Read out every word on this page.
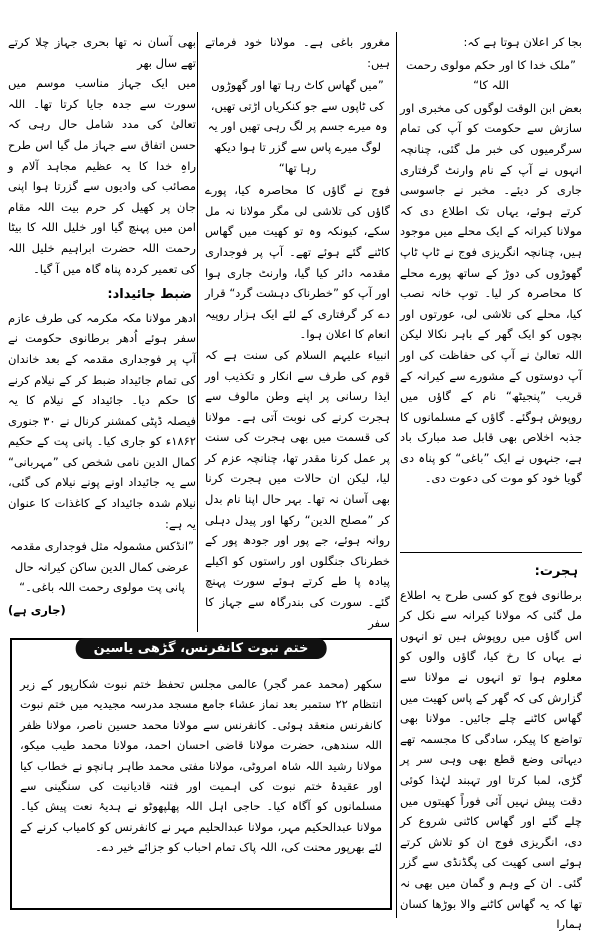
بجا کر اعلان ہوتا ہے کہ:

”ملک خدا کا اور حکم مولوی رحمت اللہ کا“

بعض ابن الوقت لوگوں کی مخبری اور سازش سے حکومت کو آپ کی تمام سرگرمیوں کی خبر مل گئی، چنانچہ انہوں نے آپ کے نام وارنٹ گرفتاری جاری کر دیئے۔ مخبر نے جاسوسی کرتے ہوئے، یہاں تک اطلاع دی کہ مولانا کیرانہ کے ایک محلے میں موجود ہیں، چنانچہ انگریزی فوج نے ٹاپ ٹاپ گھوڑوں کی دوڑ کے ساتھ پورے محلے کا محاصرہ کر لیا۔ توپ خانہ نصب کیا، محلے کی تلاشی لی، عورتوں اور بچوں کو ایک گھر کے باہر نکالا لیکن اللہ تعالیٰ نے آپ کی حفاظت کی اور آپ دوستوں کے مشورے سے کیرانہ کے قریب ”پنجیٹھ“ نام کے گاؤں میں روپوش ہوگئے۔ گاؤں کے مسلمانوں کا جذبہ اخلاص بھی قابل صد مبارک باد ہے، جنہوں نے ایک ”باغی“ کو پناہ دی گویا خود کو موت کی دعوت دی۔

ہجرت:

برطانوی فوج کو کسی طرح یہ اطلاع مل گئی کہ مولانا کیرانہ سے نکل کر اس گاؤں میں روپوش ہیں تو انہوں نے یہاں کا رخ کیا، گاؤں والوں کو معلوم ہوا تو انہوں نے مولانا سے گزارش کی کہ گھر کے پاس کھیت میں گھاس کاٹنے چلے جائیں۔ مولانا بھی تواضع کا پیکر، سادگی کا مجسمہ تھے دیہاتی وضع قطع بھی وہی سر پر گڑی، لمبا کرتا اور تہبند لہٰذا کوئی دقت پیش نہیں آئی فوراً کھیتوں میں چلے گئے اور گھاس کاٹنی شروع کر دی، انگریزی فوج ان کو تلاش کرتے ہوئے اسی کھیت کی پگڈنڈی سے گزر گئی۔ ان کے وہم و گمان میں بھی نہ تھا کہ یہ گھاس کاٹنے والا بوڑھا کسان ہمارا

مغرور باغی ہے۔ مولانا خود فرماتے ہیں:

”میں گھاس کاٹ رہا تھا اور گھوڑوں کی ٹاپوں سے جو کنکریاں اڑتی تھیں، وہ میرے جسم پر لگ رہی تھیں اور یہ لوگ میرے پاس سے گزر تا ہوا دیکھ رہا تھا“

فوج نے گاؤں کا محاصرہ کیا، پورے گاؤں کی تلاشی لی مگر مولانا نہ مل سکے، کیونکہ وہ تو کھیت میں گھاس کاٹنے گئے ہوئے تھے۔ آپ پر فوجداری مقدمہ دائر کیا گیا، وارنٹ جاری ہوا اور آپ کو ”خطرناک دہشت گرد“ قرار دے کر گرفتاری کے لئے ایک ہزار روپیہ انعام کا اعلان ہوا۔

انبیاء علیہم السلام کی سنت ہے کہ قوم کی طرف سے انکار و تکذیب اور ایذا رسانی پر اپنے وطن مالوف سے ہجرت کرنے کی نوبت آتی ہے۔ مولانا کی قسمت میں بھی ہجرت کی سنت پر عمل کرنا مقدر تھا، چنانچہ عزم کر لیا، لیکن ان حالات میں ہجرت کرنا بھی آسان نہ تھا۔ بہر حال اپنا نام بدل کر ”مصلح الدین“ رکھا اور پیدل دہلی روانہ ہوئے، جے پور اور جودھ پور کے خطرناک جنگلوں اور راستوں کو اکیلے پیادہ پا طے کرتے ہوئے سورت پہنچ گئے۔ سورت کی بندرگاہ سے جہاز کا سفر

بھی آسان نہ تھا بحری جہاز چلا کرتے تھے سال بھر

میں ایک جہاز مناسب موسم میں سورت سے جدہ جایا کرتا تھا۔ اللہ تعالیٰ کی مدد شامل حال رہی کہ حسن اتفاق سے جہاز مل گیا اس طرح راہِ خدا کا یہ عظیم مجاہد آلام و مصائب کی وادیوں سے گزرتا ہوا اپنی جان پر کھیل کر حرم بیت اللہ مقام امن میں پہنچ گیا اور خلیل اللہ کا بیٹا رحمت اللہ حضرت ابراہیم خلیل اللہ کی تعمیر کردہ پناہ گاہ میں آ گیا۔

ضبط جائیداد:

ادھر مولانا مکہ مکرمہ کی طرف عازم سفر ہوئے اُدھر برطانوی حکومت نے آپ پر فوجداری مقدمہ کے بعد خاندان کی تمام جائیداد ضبط کر کے نیلام کرنے کا حکم دیا۔ جائیداد کے نیلام کا یہ فیصلہ ڈپٹی کمشنر کرنال نے ۳۰ جنوری ۱۸۶۲ء کو جاری کیا۔ پانی پت کے حکیم کمال الدین نامی شخص کی ”مہربانی“ سے یہ جائیداد اونے پونے نیلام کی گئی، نیلام شدہ جائیداد کے کاغذات کا عنوان یہ ہے:

”انڈکس مشمولہ مثل فوجداری مقدمہ عرضی کمال الدین ساکن کیرانہ حال پانی پت مولوی رحمت اللہ باغی۔“

(جاری ہے)

ختم نبوت کانفرنس، گڑھی یاسین

سکھر (محمد عمر گجر) عالمی مجلس تحفظ ختم نبوت شکارپور کے زیر انتظام ۲۲ ستمبر بعد نماز عشاء جامع مسجد مدرسہ مجیدیہ میں ختم نبوت کانفرنس منعقد ہوئی۔ کانفرنس سے مولانا محمد حسین ناصر، مولانا ظفر اللہ سندھی، حضرت مولانا قاضی احسان احمد، مولانا محمد طیب میکو، مولانا رشید اللہ شاہ امروٹی، مولانا مفتی محمد طاہر ہانچو نے خطاب کیا اور عقیدۂ ختم نبوت کی اہمیت اور فتنہ قادیانیت کی سنگینی سے مسلمانوں کو آگاہ کیا۔ حاجی اہل اللہ پھلپھوٹو نے ہدیۂ نعت پیش کیا۔ مولانا عبدالحکیم مہر، مولانا عبدالحلیم مہر نے کانفرنس کو کامیاب کرنے کے لئے بھرپور محنت کی، اللہ پاک تمام احباب کو جزائے خیر دے۔
